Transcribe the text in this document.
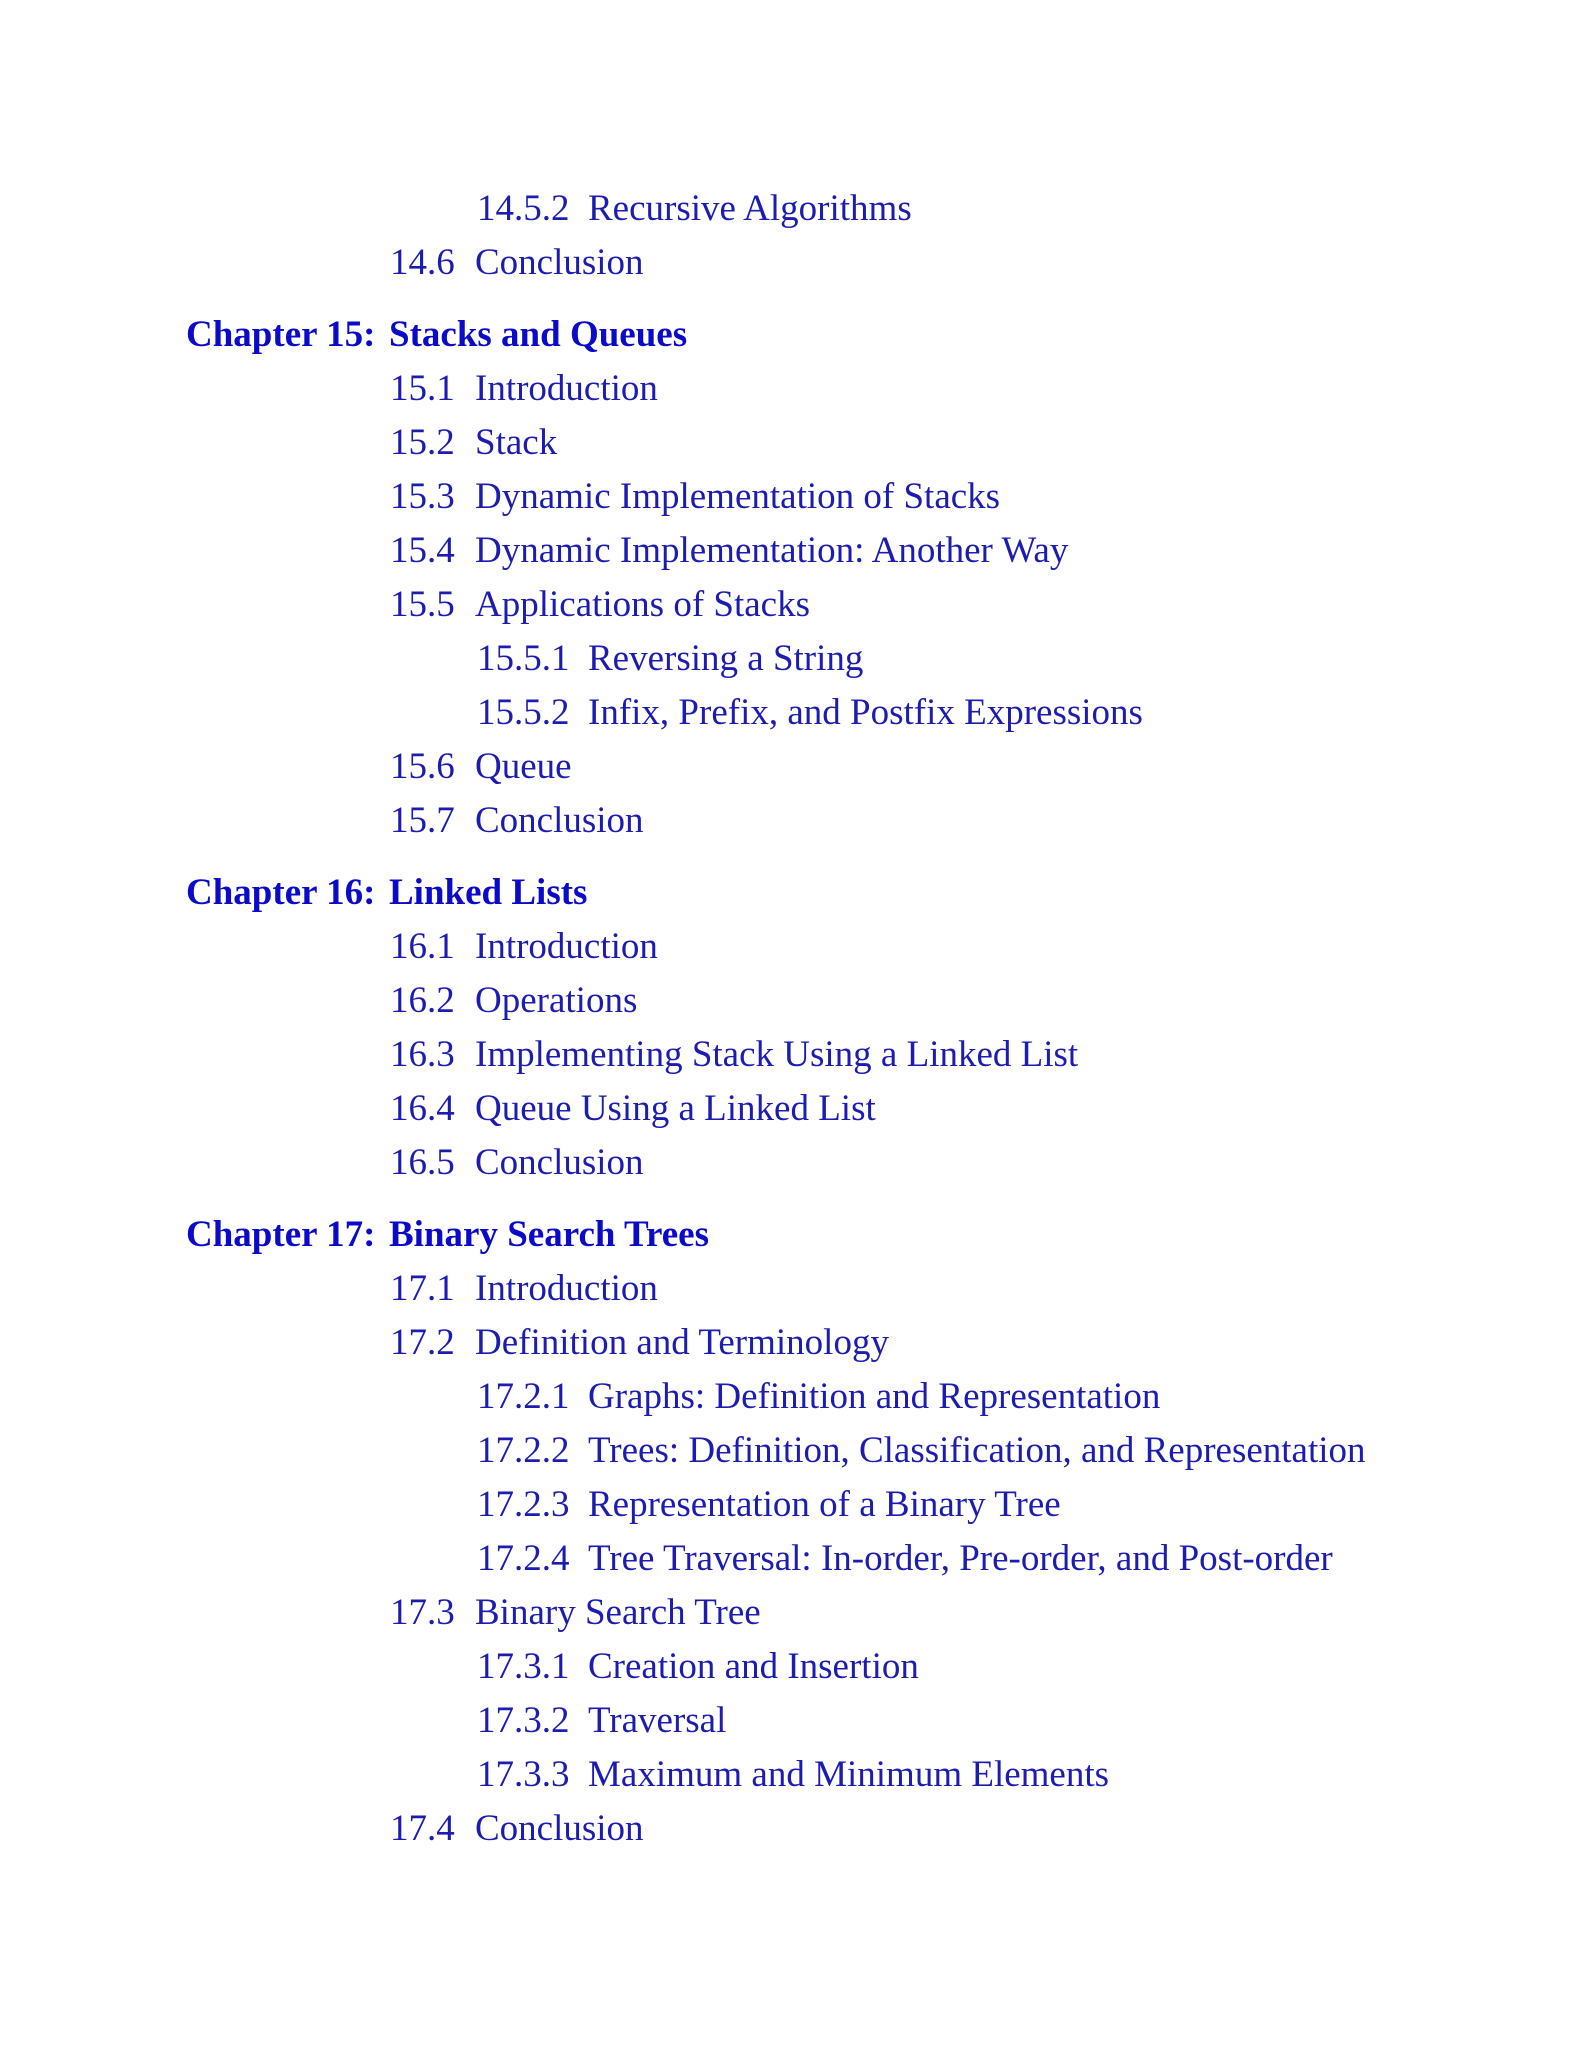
14.5.2 Recursive Algorithms
14.6 Conclusion
Chapter 15: Stacks and Queues
15.1 Introduction
15.2 Stack
15.3 Dynamic Implementation of Stacks
15.4 Dynamic Implementation: Another Way
15.5 Applications of Stacks
15.5.1 Reversing a String
15.5.2 Infix, Prefix, and Postfix Expressions
15.6 Queue
15.7 Conclusion
Chapter 16: Linked Lists
16.1 Introduction
16.2 Operations
16.3 Implementing Stack Using a Linked List
16.4 Queue Using a Linked List
16.5 Conclusion
Chapter 17: Binary Search Trees
17.1 Introduction
17.2 Definition and Terminology
17.2.1 Graphs: Definition and Representation
17.2.2 Trees: Definition, Classification, and Representation
17.2.3 Representation of a Binary Tree
17.2.4 Tree Traversal: In-order, Pre-order, and Post-order
17.3 Binary Search Tree
17.3.1 Creation and Insertion
17.3.2 Traversal
17.3.3 Maximum and Minimum Elements
17.4 Conclusion
